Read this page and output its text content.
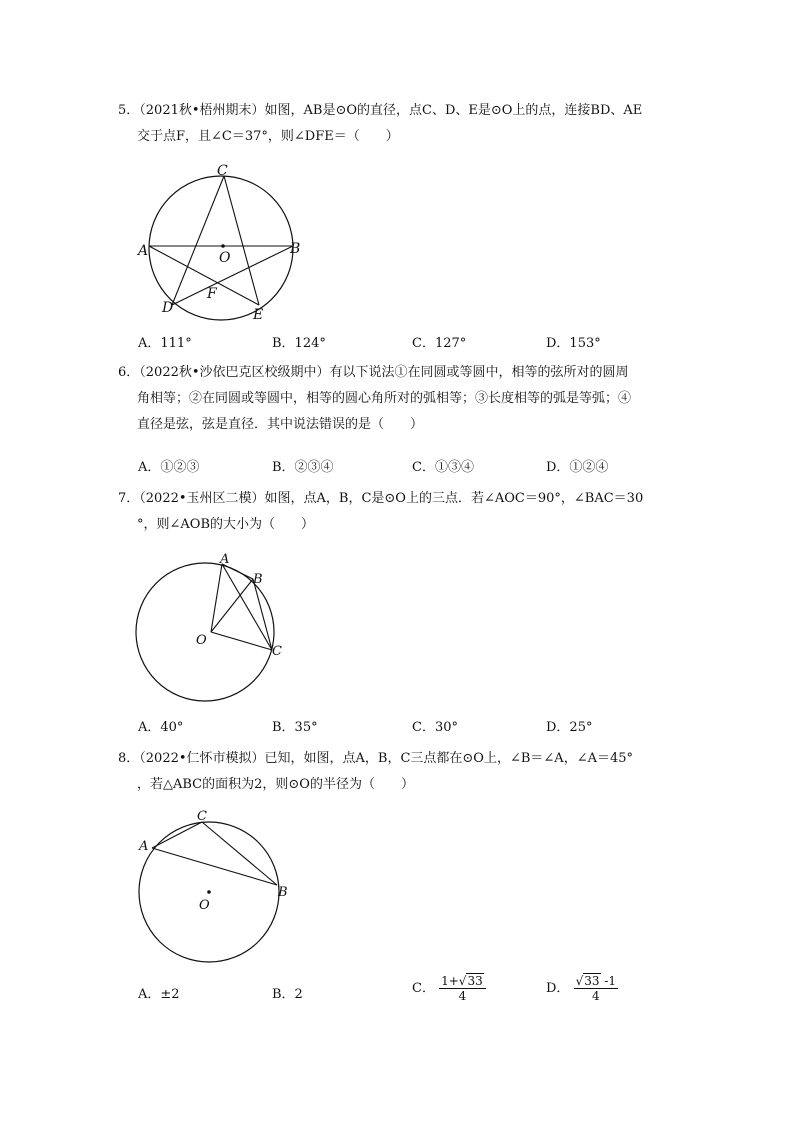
5．（2021秋•梧州期末）如图，AB是⊙O的直径，点C、D、E是⊙O上的点，连接BD、AE
交于点F，且∠C＝37°，则∠DFE＝（　　）
C
A	B
O
F
D	E
A．111°	B．124°	C．127°	D．153°
6．（2022秋•沙依巴克区校级期中）有以下说法①在同圆或等圆中，相等的弦所对的圆周
角相等；②在同圆或等圆中，相等的圆心角所对的弧相等；③长度相等的弧是等弧；④
直径是弦，弦是直径．其中说法错误的是（　　）
A．①②③	B．②③④	C．①③④	D．①②④
7．（2022•玉州区二模）如图，点A，B，C是⊙O上的三点．若∠AOC＝90°，∠BAC＝30
°，则∠AOB的大小为（　　）
A
B
O
C
A．40°	B．35°	C．30°	D．25°
8．（2022•仁怀市模拟）已知，如图，点A，B，C三点都在⊙O上，∠B＝∠A，∠A＝45°
，若△ABC的面积为2，则⊙O的半径为（　　）
C
A
B
O
A．±2	B．2	C． $\frac{1+√33}{4}$	D． $\frac{√33 -1}{4}$
